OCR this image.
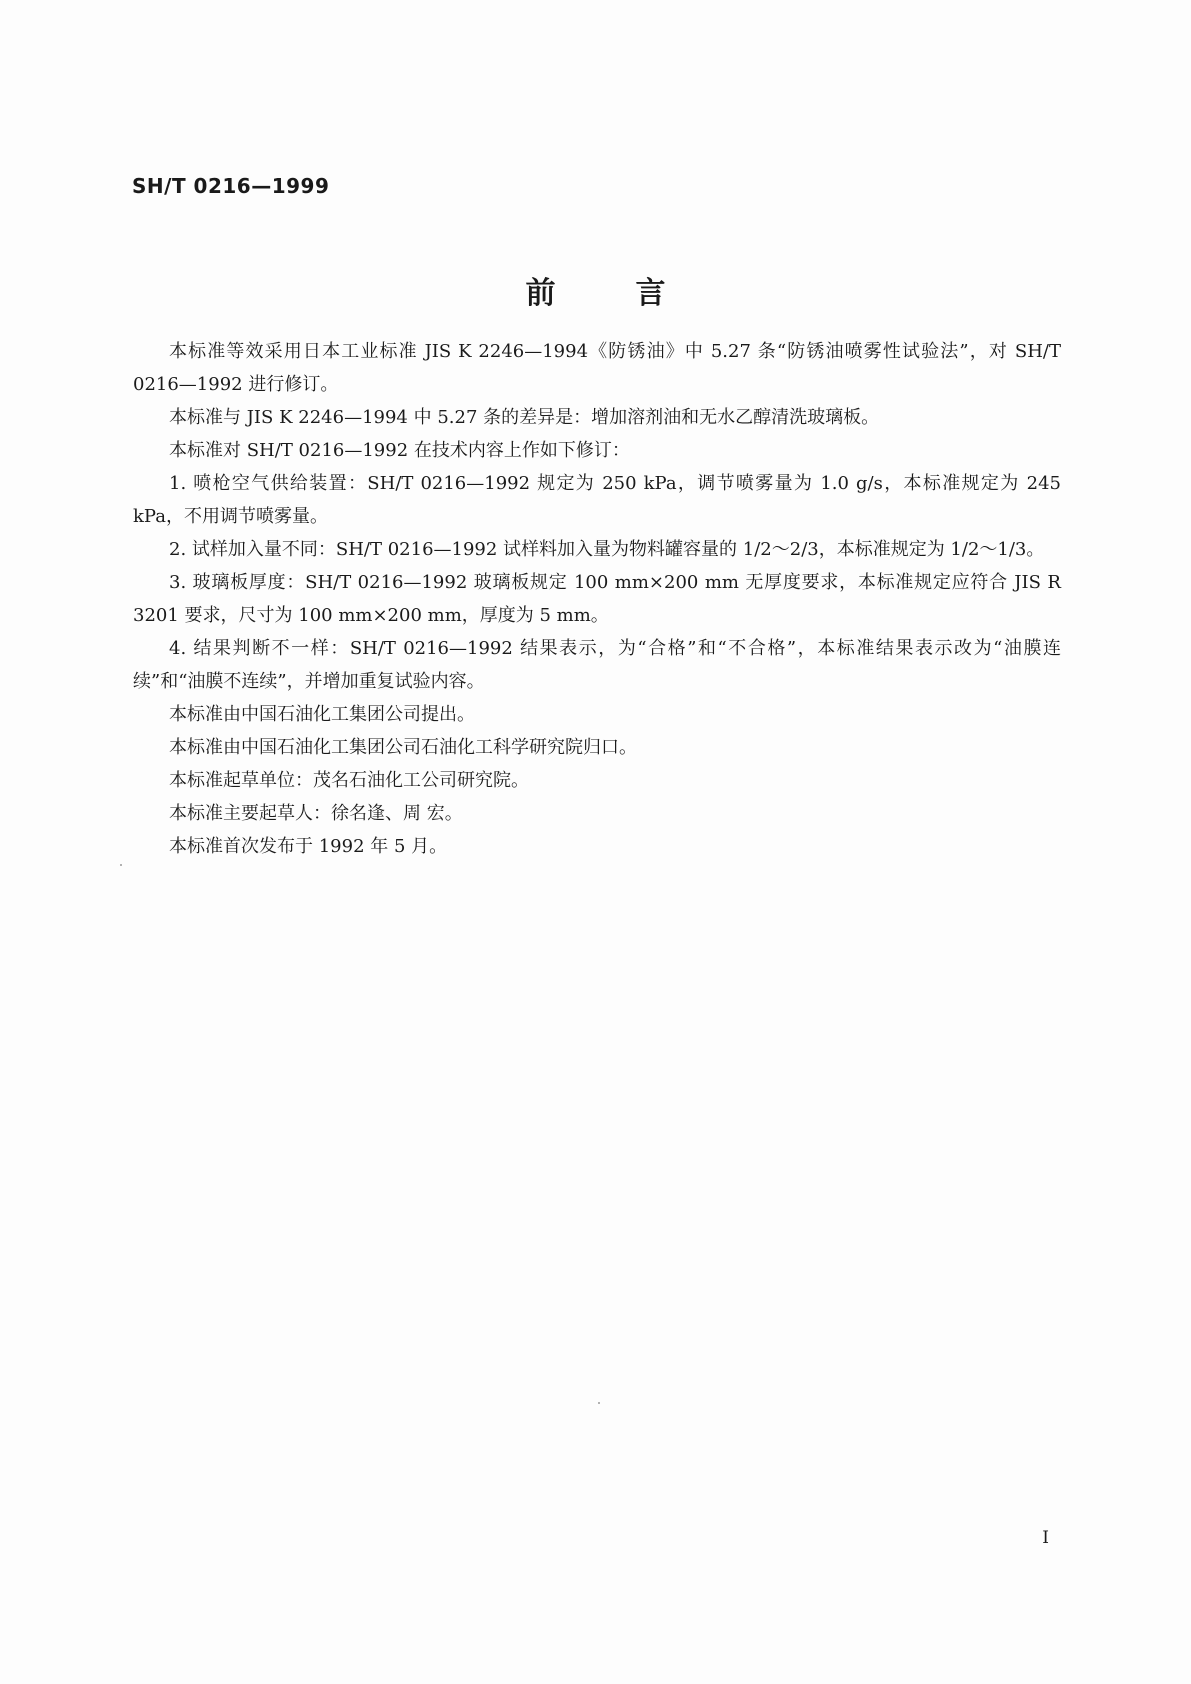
SH/T 0216—1999
前言

本标准等效采用日本工业标准 JIS K 2246—1994《防锈油》中 5.27 条“防锈油喷雾性试验法”，对 SH/T 0216—1992 进行修订。

本标准与 JIS K 2246—1994 中 5.27 条的差异是：增加溶剂油和无水乙醇清洗玻璃板。

本标准对 SH/T 0216—1992 在技术内容上作如下修订：

1. 喷枪空气供给装置：SH/T 0216—1992 规定为 250 kPa，调节喷雾量为 1.0 g/s，本标准规定为 245 kPa，不用调节喷雾量。

2. 试样加入量不同：SH/T 0216—1992 试样料加入量为物料罐容量的 1/2～2/3，本标准规定为 1/2～1/3。

3. 玻璃板厚度：SH/T 0216—1992 玻璃板规定 100 mm×200 mm 无厚度要求，本标准规定应符合 JIS R 3201 要求，尺寸为 100 mm×200 mm，厚度为 5 mm。

4. 结果判断不一样：SH/T 0216—1992 结果表示，为“合格”和“不合格”，本标准结果表示改为“油膜连续”和“油膜不连续”，并增加重复试验内容。

本标准由中国石油化工集团公司提出。

本标准由中国石油化工集团公司石油化工科学研究院归口。

本标准起草单位：茂名石油化工公司研究院。

本标准主要起草人：徐名逢、周 宏。

本标准首次发布于 1992 年 5 月。

I
